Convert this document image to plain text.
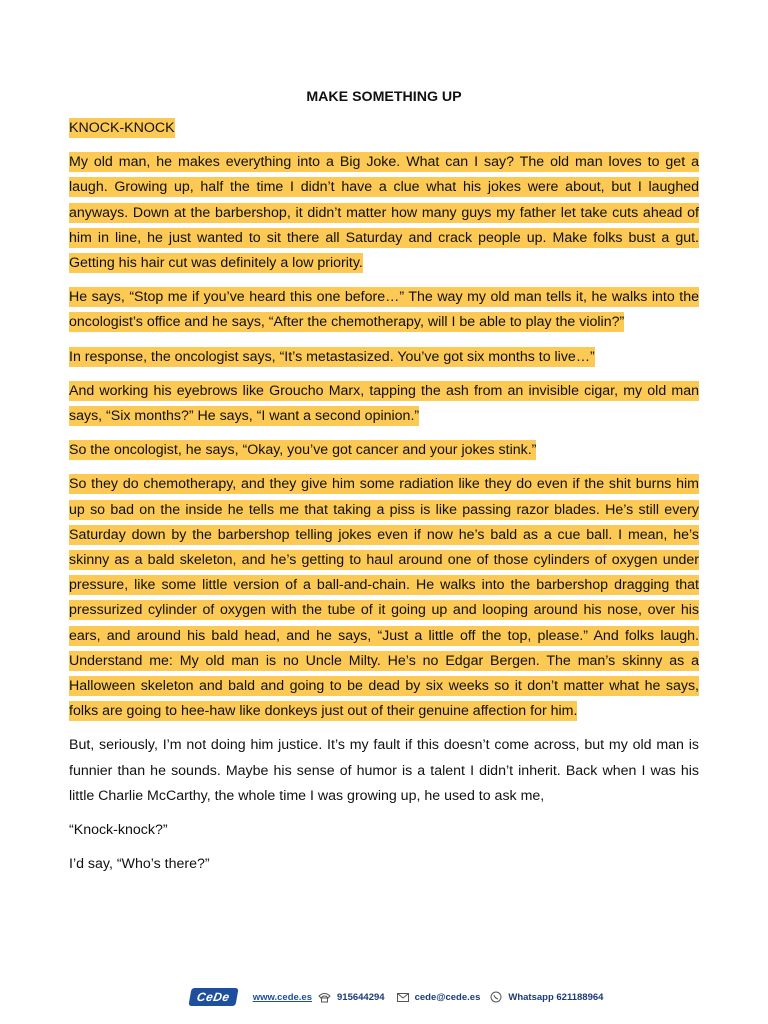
MAKE SOMETHING UP

KNOCK-KNOCK

My old man, he makes everything into a Big Joke. What can I say? The old man loves to get a laugh. Growing up, half the time I didn’t have a clue what his jokes were about, but I laughed anyways. Down at the barbershop, it didn’t matter how many guys my father let take cuts ahead of him in line, he just wanted to sit there all Saturday and crack people up. Make folks bust a gut. Getting his hair cut was definitely a low priority.

He says, “Stop me if you’ve heard this one before…” The way my old man tells it, he walks into the oncologist’s office and he says, “After the chemotherapy, will I be able to play the violin?”

In response, the oncologist says, “It’s metastasized. You’ve got six months to live…”

And working his eyebrows like Groucho Marx, tapping the ash from an invisible cigar, my old man says, “Six months?” He says, “I want a second opinion.”

So the oncologist, he says, “Okay, you’ve got cancer and your jokes stink.”

So they do chemotherapy, and they give him some radiation like they do even if the shit burns him up so bad on the inside he tells me that taking a piss is like passing razor blades. He’s still every Saturday down by the barbershop telling jokes even if now he’s bald as a cue ball. I mean, he’s skinny as a bald skeleton, and he’s getting to haul around one of those cylinders of oxygen under pressure, like some little version of a ball-and-chain. He walks into the barbershop dragging that pressurized cylinder of oxygen with the tube of it going up and looping around his nose, over his ears, and around his bald head, and he says, “Just a little off the top, please.” And folks laugh. Understand me: My old man is no Uncle Milty. He’s no Edgar Bergen. The man’s skinny as a Halloween skeleton and bald and going to be dead by six weeks so it don’t matter what he says, folks are going to hee-haw like donkeys just out of their genuine affection for him.

But, seriously, I’m not doing him justice. It’s my fault if this doesn’t come across, but my old man is funnier than he sounds. Maybe his sense of humor is a talent I didn’t inherit. Back when I was his little Charlie McCarthy, the whole time I was growing up, he used to ask me,

“Knock-knock?”

I’d say, “Who’s there?”

CeDe	www.cede.es	915644294	cede@cede.es	Whatsapp 621188964
